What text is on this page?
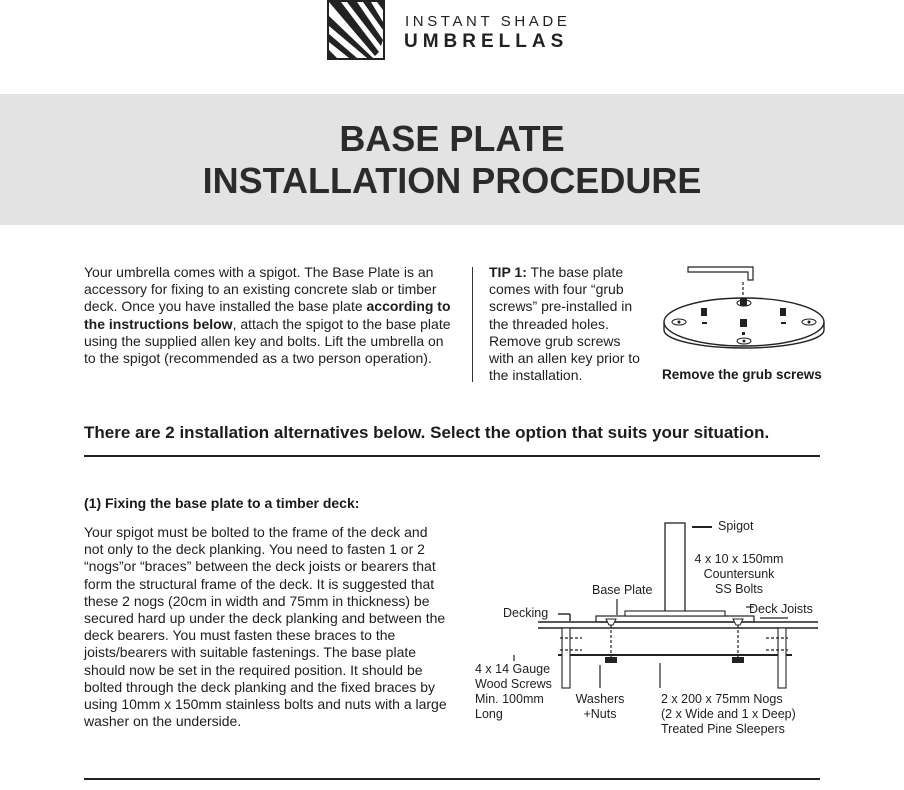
INSTANT SHADE
UMBRELLAS
BASE PLATE
INSTALLATION PROCEDURE
Your umbrella comes with a spigot. The Base Plate is an accessory for fixing to an existing concrete slab or timber deck. Once you have installed the base plate according to the instructions below, attach the spigot to the base plate using the supplied allen key and bolts. Lift the umbrella on to the spigot (recommended as a two person operation).
TIP 1: The base plate comes with four “grub screws” pre-installed in the threaded holes. Remove grub screws with an allen key prior to the installation.	Remove the grub screws
There are 2 installation alternatives below. Select the option that suits your situation.
(1) Fixing the base plate to a timber deck:
Your spigot must be bolted to the frame of the deck and not only to the deck planking. You need to fasten 1 or 2 “nogs”or “braces” between the deck joists or bearers that form the structural frame of the deck. It is suggested that these 2 nogs (20cm in width and 75mm in thickness) be secured hard up under the deck planking and between the deck bearers. You must fasten these braces to the joists/bearers with suitable fastenings. The base plate should now be set in the required position. It should be bolted through the deck planking and the fixed braces by using 10mm x 150mm stainless bolts and nuts with a large washer on the underside.
Spigot
4 x 10 x 150mm
Countersunk
SS Bolts
Base Plate
Decking	Deck Joists
4 x 14 Gauge
Wood Screws
Min. 100mm
Long
Washers
+Nuts
2 x 200 x 75mm Nogs
(2 x Wide and 1 x Deep)
Treated Pine Sleepers
